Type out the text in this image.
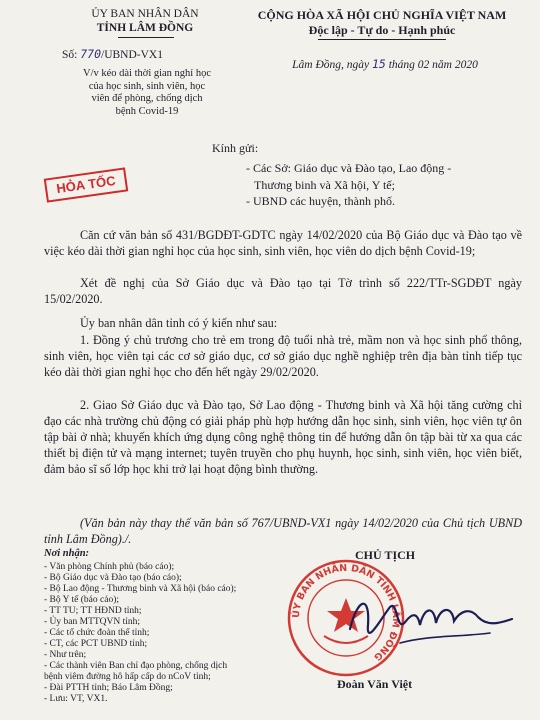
ỦY BAN NHÂN DÂN
TỈNH LÂM ĐỒNG
Số: 770/UBND-VX1
V/v kéo dài thời gian nghỉ học
của học sinh, sinh viên, học
viên để phòng, chống dịch
bệnh Covid-19
CỘNG HÒA XÃ HỘI CHỦ NGHĨA VIỆT NAM
Độc lập - Tự do - Hạnh phúc
Lâm Đồng, ngày 15 tháng 02 năm 2020
HỎA TỐC
Kính gửi:
- Các Sở: Giáo dục và Đào tạo, Lao động -
Thương binh và Xã hội, Y tế;
- UBND các huyện, thành phố.
Căn cứ văn bản số 431/BGDĐT-GDTC ngày 14/02/2020 của Bộ Giáo dục và Đào tạo về việc kéo dài thời gian nghỉ học của học sinh, sinh viên, học viên do dịch bệnh Covid-19;
Xét đề nghị của Sở Giáo dục và Đào tạo tại Tờ trình số 222/TTr-SGDĐT ngày 15/02/2020.
Ủy ban nhân dân tỉnh có ý kiến như sau:
1. Đồng ý chủ trương cho trẻ em trong độ tuổi nhà trẻ, mầm non và học sinh phổ thông, sinh viên, học viên tại các cơ sở giáo dục, cơ sở giáo dục nghề nghiệp trên địa bàn tỉnh tiếp tục kéo dài thời gian nghỉ học cho đến hết ngày 29/02/2020.
2. Giao Sở Giáo dục và Đào tạo, Sở Lao động - Thương binh và Xã hội tăng cường chỉ đạo các nhà trường chủ động có giải pháp phù hợp hướng dẫn học sinh, sinh viên, học viên tự ôn tập bài ở nhà; khuyến khích ứng dụng công nghệ thông tin để hướng dẫn ôn tập bài từ xa qua các thiết bị điện tử và mạng internet; tuyên truyền cho phụ huynh, học sinh, sinh viên, học viên biết, đảm bảo sĩ số lớp học khi trở lại hoạt động bình thường.
(Văn bản này thay thế văn bản số 767/UBND-VX1 ngày 14/02/2020 của Chủ tịch UBND tỉnh Lâm Đồng)./.
Nơi nhận:
- Văn phòng Chính phủ (báo cáo);
- Bộ Giáo dục và Đào tạo (báo cáo);
- Bộ Lao động - Thương binh và Xã hội (báo cáo);
- Bộ Y tế (báo cáo);
- TT TU; TT HĐND tỉnh;
- Ủy ban MTTQVN tỉnh;
- Các tổ chức đoàn thể tỉnh;
- CT, các PCT UBND tỉnh;
- Như trên;
- Các thành viên Ban chỉ đạo phòng, chống dịch
bệnh viêm đường hô hấp cấp do nCoV tỉnh;
- Đài PTTH tỉnh; Báo Lâm Đồng;
- Lưu: VT, VX1.
CHỦ TỊCH
ỦY BAN NHÂN DÂN TỈNH LÂM ĐỒNG
Đoàn Văn Việt
